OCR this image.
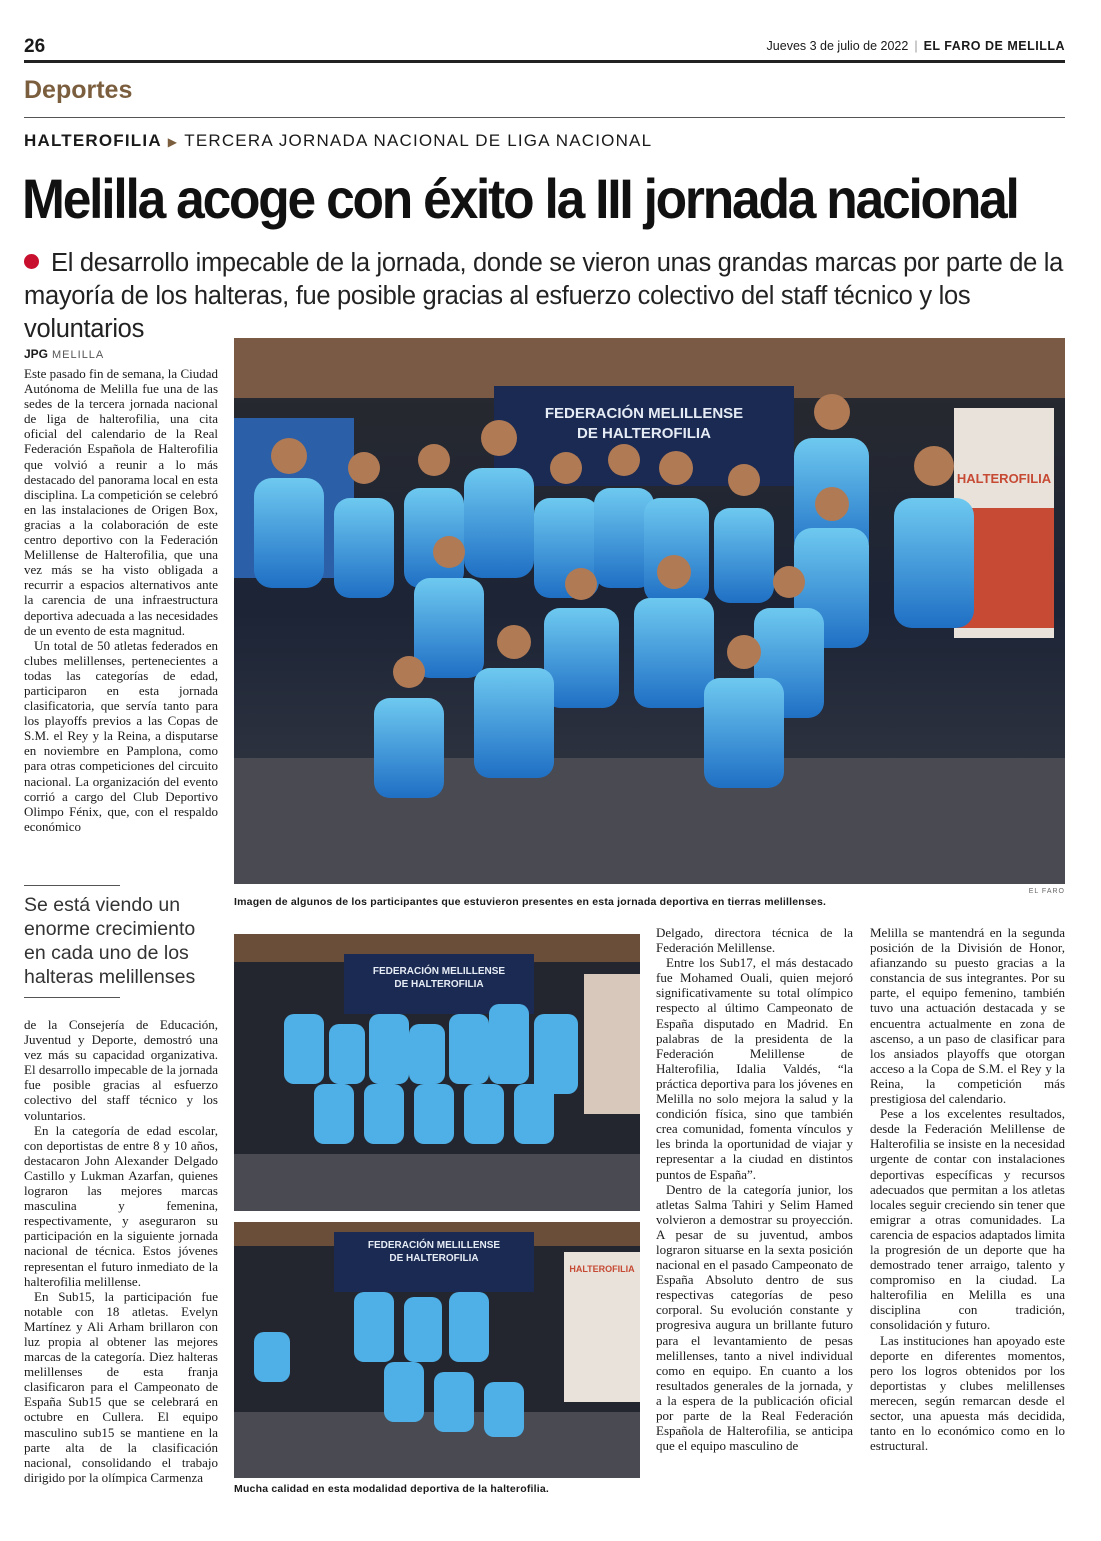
26	Jueves 3 de julio de 2022 | EL FARO DE MELILLA
Deportes
HALTEROFILIA ▶ TERCERA JORNADA NACIONAL DE LIGA NACIONAL
Melilla acoge con éxito la III jornada nacional
El desarrollo impecable de la jornada, donde se vieron unas grandas marcas por parte de la mayoría de los halteras, fue posible gracias al esfuerzo colectivo del staff técnico y los voluntarios
JPG MELILLA

Este pasado fin de semana, la Ciudad Autónoma de Melilla fue una de las sedes de la tercera jornada nacional de liga de halterofilia, una cita oficial del calendario de la Real Federación Española de Halterofilia que volvió a reunir a lo más destacado del panorama local en esta disciplina. La competición se celebró en las instalaciones de Origen Box, gracias a la colaboración de este centro deportivo con la Federación Melillense de Halterofilia, que una vez más se ha visto obligada a recurrir a espacios alternativos ante la carencia de una infraestructura deportiva adecuada a las necesidades de un evento de esta magnitud.

Un total de 50 atletas federados en clubes melillenses, pertenecientes a todas las categorías de edad, participaron en esta jornada clasificatoria, que servía tanto para los playoffs previos a las Copas de S.M. el Rey y la Reina, a disputarse en noviembre en Pamplona, como para otras competiciones del circuito nacional. La organización del evento corrió a cargo del Club Deportivo Olimpo Fénix, que, con el respaldo económico

Se está viendo un enorme crecimiento en cada uno de los halteras melillenses

de la Consejería de Educación, Juventud y Deporte, demostró una vez más su capacidad organizativa. El desarrollo impecable de la jornada fue posible gracias al esfuerzo colectivo del staff técnico y los voluntarios.

En la categoría de edad escolar, con deportistas de entre 8 y 10 años, destacaron John Alexander Delgado Castillo y Lukman Azarfan, quienes lograron las mejores marcas masculina y femenina, respectivamente, y aseguraron su participación en la siguiente jornada nacional de técnica. Estos jóvenes representan el futuro inmediato de la halterofilia melillense.

En Sub15, la participación fue notable con 18 atletas. Evelyn Martínez y Ali Arham brillaron con luz propia al obtener las mejores marcas de la categoría. Diez halteras melillenses de esta franja clasificaron para el Campeonato de España Sub15 que se celebrará en octubre en Cullera. El equipo masculino sub15 se mantiene en la parte alta de la clasificación nacional, consolidando el trabajo dirigido por la olímpica Carmenza

FEDERACIÓN MELILLENSE
DE HALTEROFILIA
HALTEROFILIA
EL FARO
Imagen de algunos de los participantes que estuvieron presentes en esta jornada deportiva en tierras melillenses.
FEDERACIÓN MELILLENSE
DE HALTEROFILIA
FEDERACIÓN MELILLENSE
DE HALTEROFILIA
HALTEROFILIA
Mucha calidad en esta modalidad deportiva de la halterofilia.

Delgado, directora técnica de la Federación Melillense.

Entre los Sub17, el más destacado fue Mohamed Ouali, quien mejoró significativamente su total olímpico respecto al último Campeonato de España disputado en Madrid. En palabras de la presidenta de la Federación Melillense de Halterofilia, Idalia Valdés, “la práctica deportiva para los jóvenes en Melilla no solo mejora la salud y la condición física, sino que también crea comunidad, fomenta vínculos y les brinda la oportunidad de viajar y representar a la ciudad en distintos puntos de España”.

Dentro de la categoría junior, los atletas Salma Tahiri y Selim Hamed volvieron a demostrar su proyección. A pesar de su juventud, ambos lograron situarse en la sexta posición nacional en el pasado Campeonato de España Absoluto dentro de sus respectivas categorías de peso corporal. Su evolución constante y progresiva augura un brillante futuro para el levantamiento de pesas melillenses, tanto a nivel individual como en equipo. En cuanto a los resultados generales de la jornada, y a la espera de la publicación oficial por parte de la Real Federación Española de Halterofilia, se anticipa que el equipo masculino de

Melilla se mantendrá en la segunda posición de la División de Honor, afianzando su puesto gracias a la constancia de sus integrantes. Por su parte, el equipo femenino, también tuvo una actuación destacada y se encuentra actualmente en zona de ascenso, a un paso de clasificar para los ansiados playoffs que otorgan acceso a la Copa de S.M. el Rey y la Reina, la competición más prestigiosa del calendario.

Pese a los excelentes resultados, desde la Federación Melillense de Halterofilia se insiste en la necesidad urgente de contar con instalaciones deportivas específicas y recursos adecuados que permitan a los atletas locales seguir creciendo sin tener que emigrar a otras comunidades. La carencia de espacios adaptados limita la progresión de un deporte que ha demostrado tener arraigo, talento y compromiso en la ciudad. La halterofilia en Melilla es una disciplina con tradición, consolidación y futuro.

Las instituciones han apoyado este deporte en diferentes momentos, pero los logros obtenidos por los deportistas y clubes melillenses merecen, según remarcan desde el sector, una apuesta más decidida, tanto en lo económico como en lo estructural.
